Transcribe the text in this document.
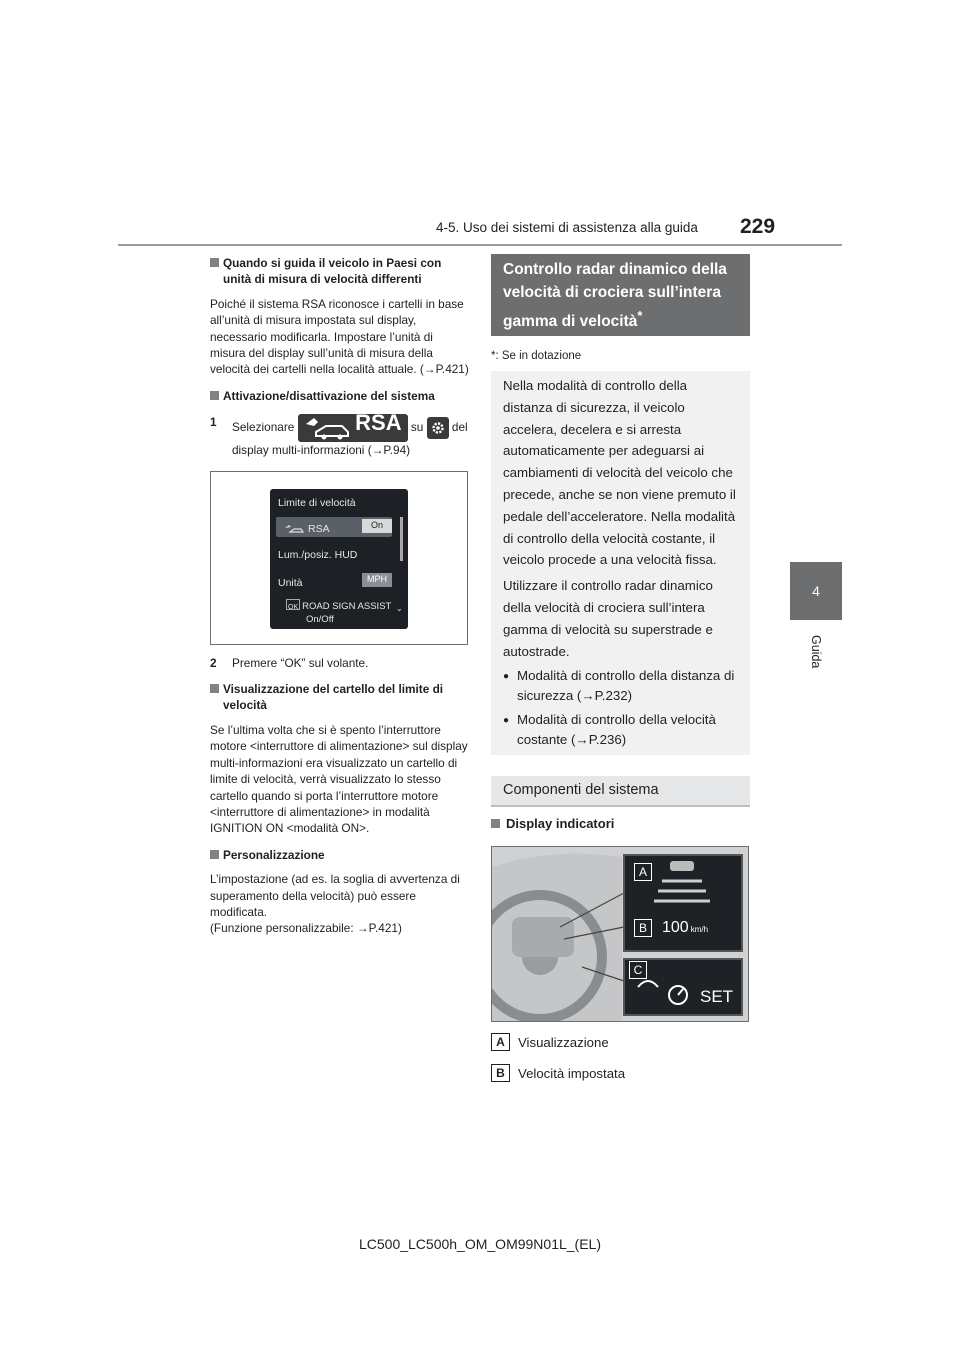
4-5. Uso dei sistemi di assistenza alla guida 229
4
Guida
Quando si guida il veicolo in Paesi con unità di misura di velocità differenti

Poiché il sistema RSA riconosce i cartelli in base all’unità di misura impostata sul display, necessario modificarla. Impostare l’unità di misura del display sull’unità di misura della velocità dei cartelli nella località attuale. (→P.421)

Attivazione/disattivazione del sistema
1	Selezionare	RSA su del display multi-informazioni (→P.94)
Limite di velocità
RSA	On
Lum./posiz. HUD
Unità	MPH
OK ROAD SIGN ASSIST
On/Off
⌄
2	Premere “OK” sul volante.
Visualizzazione del cartello del limite di velocità

Se l’ultima volta che si è spento l’interruttore motore <interruttore di alimentazione> sul display multi-informazioni era visualizzato un cartello di limite di velocità, verrà visualizzato lo stesso cartello quando si porta l’interruttore motore <interruttore di alimentazione> in modalità IGNITION ON <modalità ON>.

Personalizzazione

L’impostazione (ad es. la soglia di avvertenza di superamento della velocità) può essere modificata.

(Funzione personalizzabile: →P.421)

Controllo radar dinamico della velocità di crociera sull’intera gamma di velocità*
*: Se in dotazione

Nella modalità di controllo della distanza di sicurezza, il veicolo accelera, decelera e si arresta automaticamente per adeguarsi ai cambiamenti di velocità del veicolo che precede, anche se non viene premuto il pedale dell’acceleratore. Nella modalità di controllo della velocità costante, il veicolo procede a una velocità fissa.

Utilizzare il controllo radar dinamico della velocità di crociera sull’intera gamma di velocità su superstrade e autostrade.

● Modalità di controllo della distanza di sicurezza (→P.232)
● Modalità di controllo della velocità costante (→P.236)
Componenti del sistema
Display indicatori
A
B
C
100 km/h
SET
A Visualizzazione
B Velocità impostata
LC500_LC500h_OM_OM99N01L_(EL)
